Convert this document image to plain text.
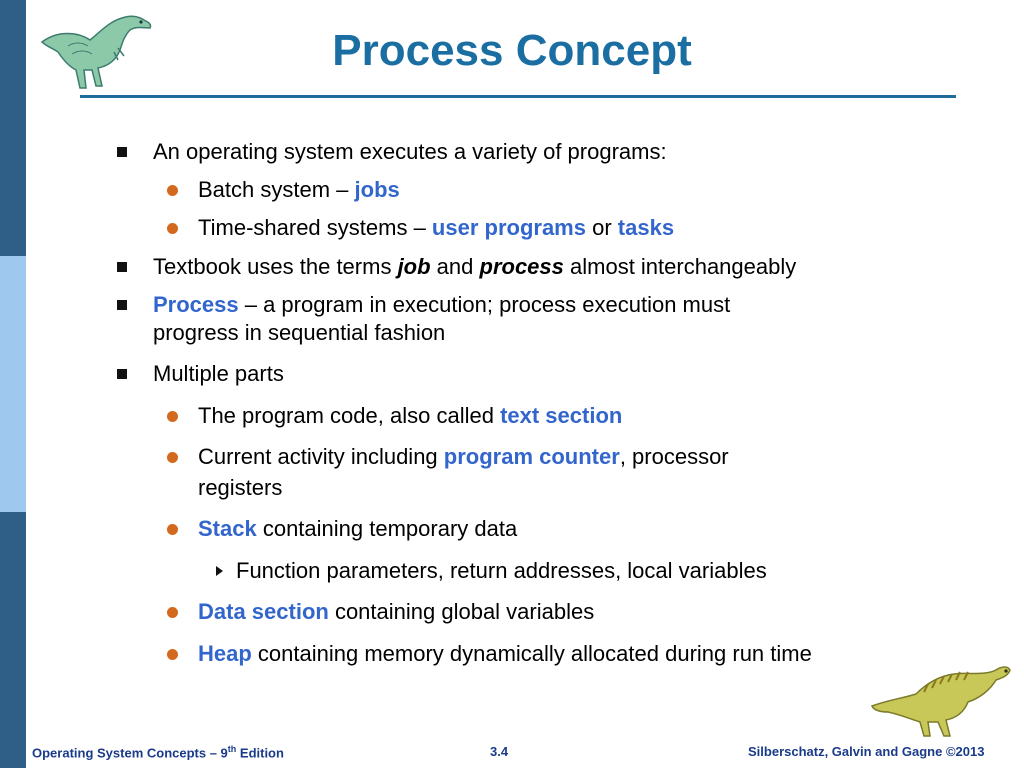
Process Concept
An operating system executes a variety of programs:
Batch system – jobs
Time-shared systems – user programs or tasks
Textbook uses the terms job and process almost interchangeably
Process – a program in execution; process execution must
progress in sequential fashion
Multiple parts
The program code, also called text section
Current activity including program counter, processor
registers
Stack containing temporary data
Function parameters, return addresses, local variables
Data section containing global variables
Heap containing memory dynamically allocated during run time
Operating System Concepts – 9th Edition	3.4	Silberschatz, Galvin and Gagne ©2013
